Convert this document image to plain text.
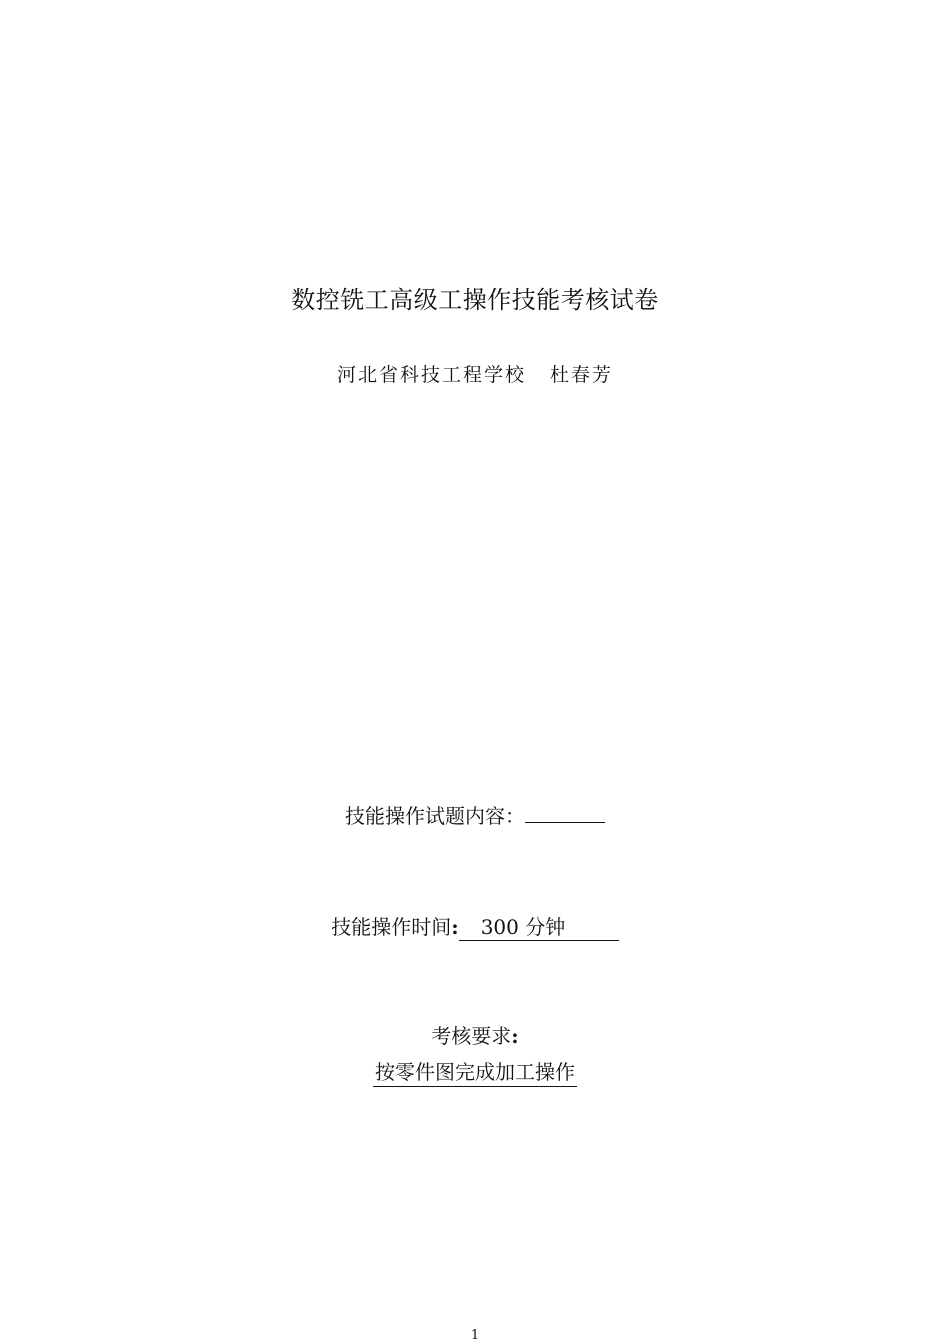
数控铣工高级工操作技能考核试卷
河北省科技工程学校 杜春芳
技能操作试题内容：
技能操作时间: 300 分钟
考核要求:
按零件图完成加工操作
1
